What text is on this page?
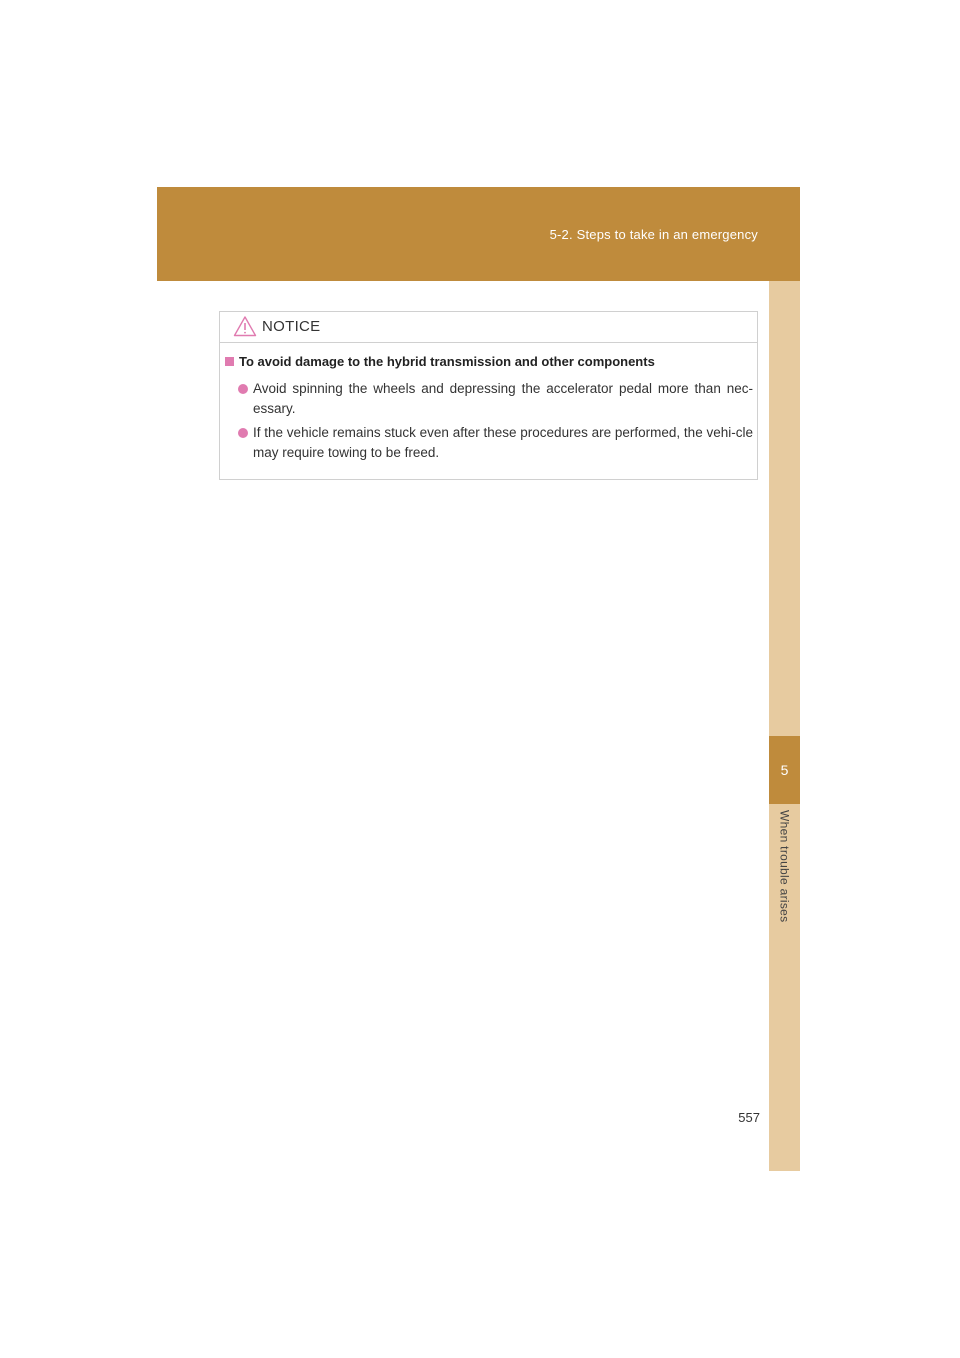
5-2. Steps to take in an emergency
5
When trouble arises
NOTICE
To avoid damage to the hybrid transmission and other components
Avoid spinning the wheels and depressing the accelerator pedal more than nec-essary.
If the vehicle remains stuck even after these procedures are performed, the vehi-cle may require towing to be freed.
557
